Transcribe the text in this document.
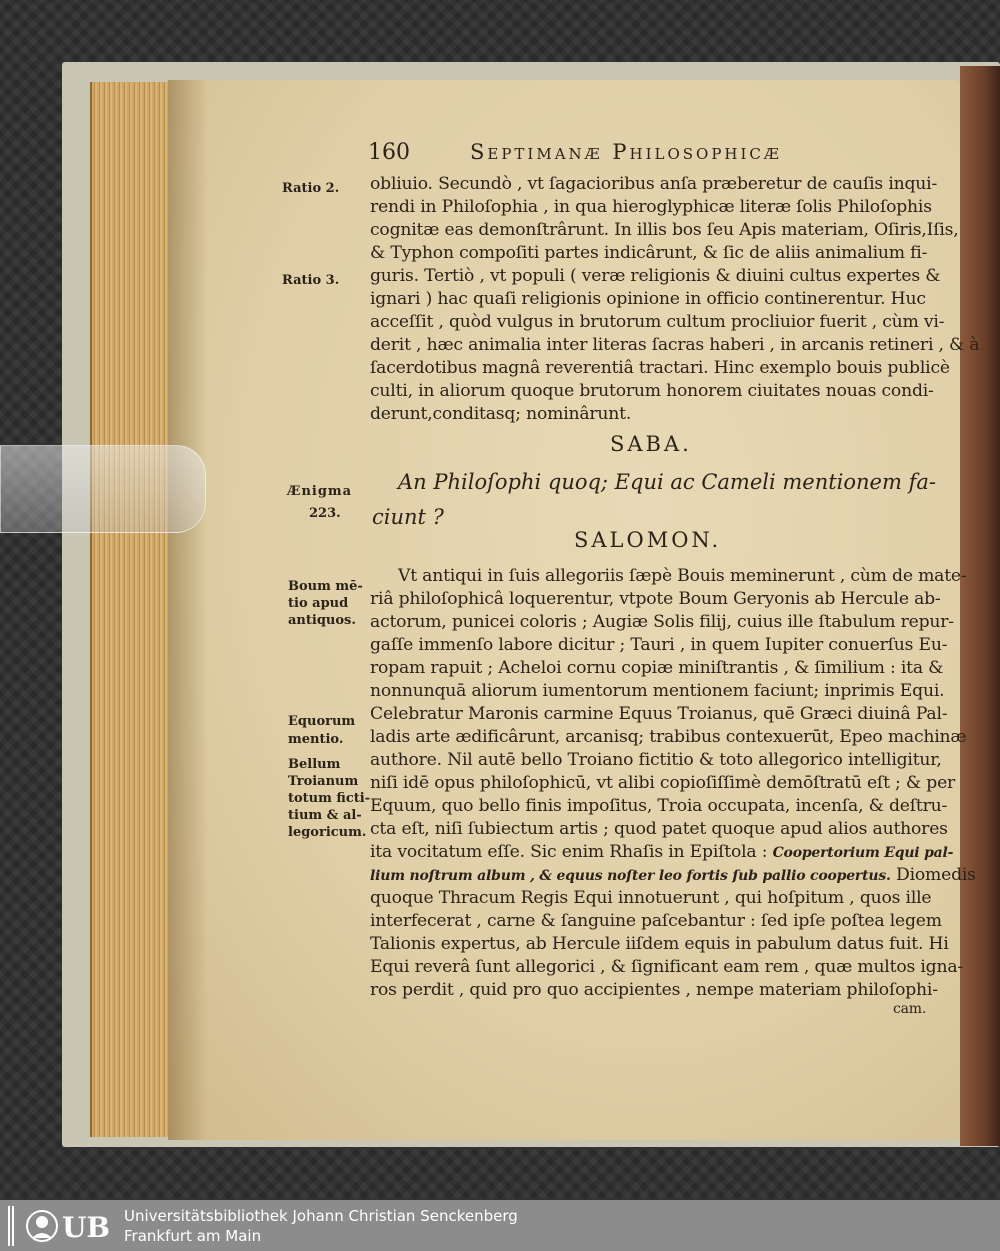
160	Septimanæ Philosophicæ
Ratio 2.
Ratio 3.
Ænigma
223.
Boum mē-
tio apud
antiquos.
Equorum
mentio.
Bellum
Troianum
totum ficti-
tium & al-
legoricum.
obliuio. Secundò , vt ſagacioribus anſa præberetur de cauſis inqui-
rendi in Philoſophia , in qua hieroglyphicæ literæ ſolis Philoſophis
cognitæ eas demonſtrârunt. In illis bos ſeu Apis materiam, Oſiris,Iſis,
& Typhon compoſiti partes indicârunt, & ſic de aliis animalium fi-
guris. Tertiò , vt populi ( veræ religionis & diuini cultus expertes &
ignari ) hac quaſi religionis opinione in officio continerentur. Huc
acceſſit , quòd vulgus in brutorum cultum procliuior fuerit , cùm vi-
derit , hæc animalia inter literas ſacras haberi , in arcanis retineri , & à
ſacerdotibus magnâ reverentiâ tractari. Hinc exemplo bouis publicè
culti, in aliorum quoque brutorum honorem ciuitates nouas condi-
derunt,conditasq; nominârunt.
SABA.
An Philoſophi quoq; Equi ac Cameli mentionem fa-
ciunt ?
SALOMON.
Vt antiqui in ſuis allegoriis ſæpè Bouis meminerunt , cùm de mate-
riâ philoſophicâ loquerentur, vtpote Boum Geryonis ab Hercule ab-
actorum, punicei coloris ; Augiæ Solis filij, cuius ille ſtabulum repur-
gaſſe immenſo labore dicitur ; Tauri , in quem Iupiter conuerſus Eu-
ropam rapuit ; Acheloi cornu copiæ miniſtrantis , & ſimilium : ita &
nonnunquā aliorum iumentorum mentionem faciunt; inprimis Equi.
Celebratur Maronis carmine Equus Troianus, quē Græci diuinâ Pal-
ladis arte ædificârunt, arcanisq; trabibus contexuerūt, Epeo machinæ
authore. Nil autē bello Troiano fictitio & toto allegorico intelligitur,
niſi idē opus philoſophicū, vt alibi copioſiſſimè demōſtratū eſt ; & per
Equum, quo bello finis impoſitus, Troia occupata, incenſa, & deſtru-
cta eſt, niſi ſubiectum artis ; quod patet quoque apud alios authores
ita vocitatum eſſe. Sic enim Rhaſis in Epiſtola : Coopertorium Equi pal-
lium noſtrum album , & equus noſter leo fortis ſub pallio coopertus. Diomedis
quoque Thracum Regis Equi innotuerunt , qui hoſpitum , quos ille
interfecerat , carne & ſanguine paſcebantur : ſed ipſe poſtea legem
Talionis expertus, ab Hercule iiſdem equis in pabulum datus fuit. Hi
Equi reverâ ſunt allegorici , & ſignificant eam rem , quæ multos igna-
ros perdit , quid pro quo accipientes , nempe materiam philoſophi-
cam.
UB Universitätsbibliothek Johann Christian Senckenberg
Frankfurt am Main
